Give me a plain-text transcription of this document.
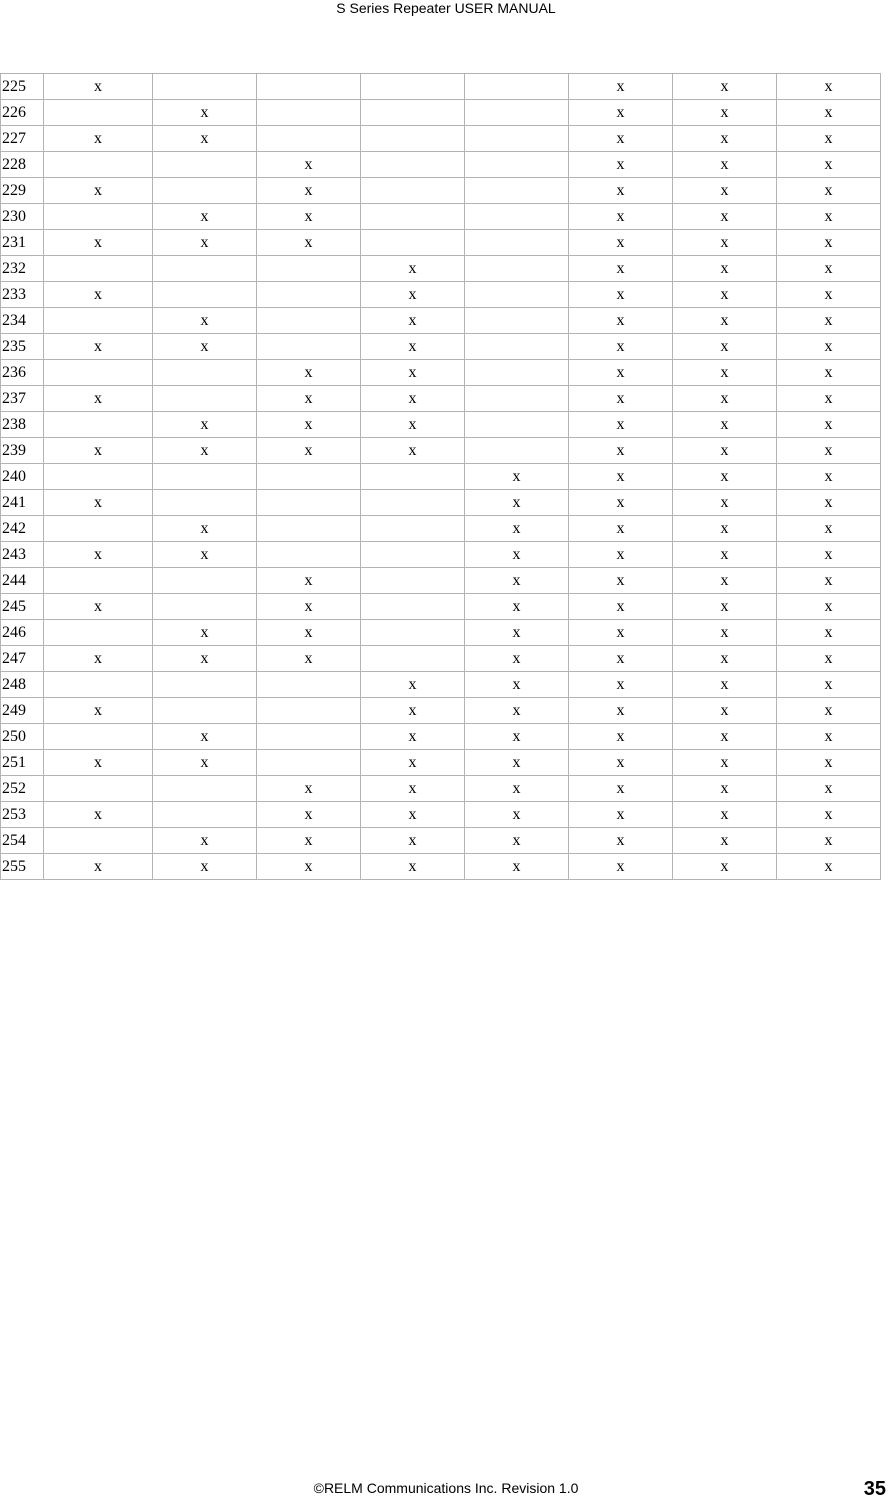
S Series Repeater USER MANUAL
225	x					x	x	x
226		x				x	x	x
227	x	x				x	x	x
228			x			x	x	x
229	x		x			x	x	x
230		x	x			x	x	x
231	x	x	x			x	x	x
232				x		x	x	x
233	x			x		x	x	x
234		x		x		x	x	x
235	x	x		x		x	x	x
236			x	x		x	x	x
237	x		x	x		x	x	x
238		x	x	x		x	x	x
239	x	x	x	x		x	x	x
240					x	x	x	x
241	x				x	x	x	x
242		x			x	x	x	x
243	x	x			x	x	x	x
244			x		x	x	x	x
245	x		x		x	x	x	x
246		x	x		x	x	x	x
247	x	x	x		x	x	x	x
248				x	x	x	x	x
249	x			x	x	x	x	x
250		x		x	x	x	x	x
251	x	x		x	x	x	x	x
252			x	x	x	x	x	x
253	x		x	x	x	x	x	x
254		x	x	x	x	x	x	x
255	x	x	x	x	x	x	x	x
©RELM Communications Inc. Revision 1.0	35
